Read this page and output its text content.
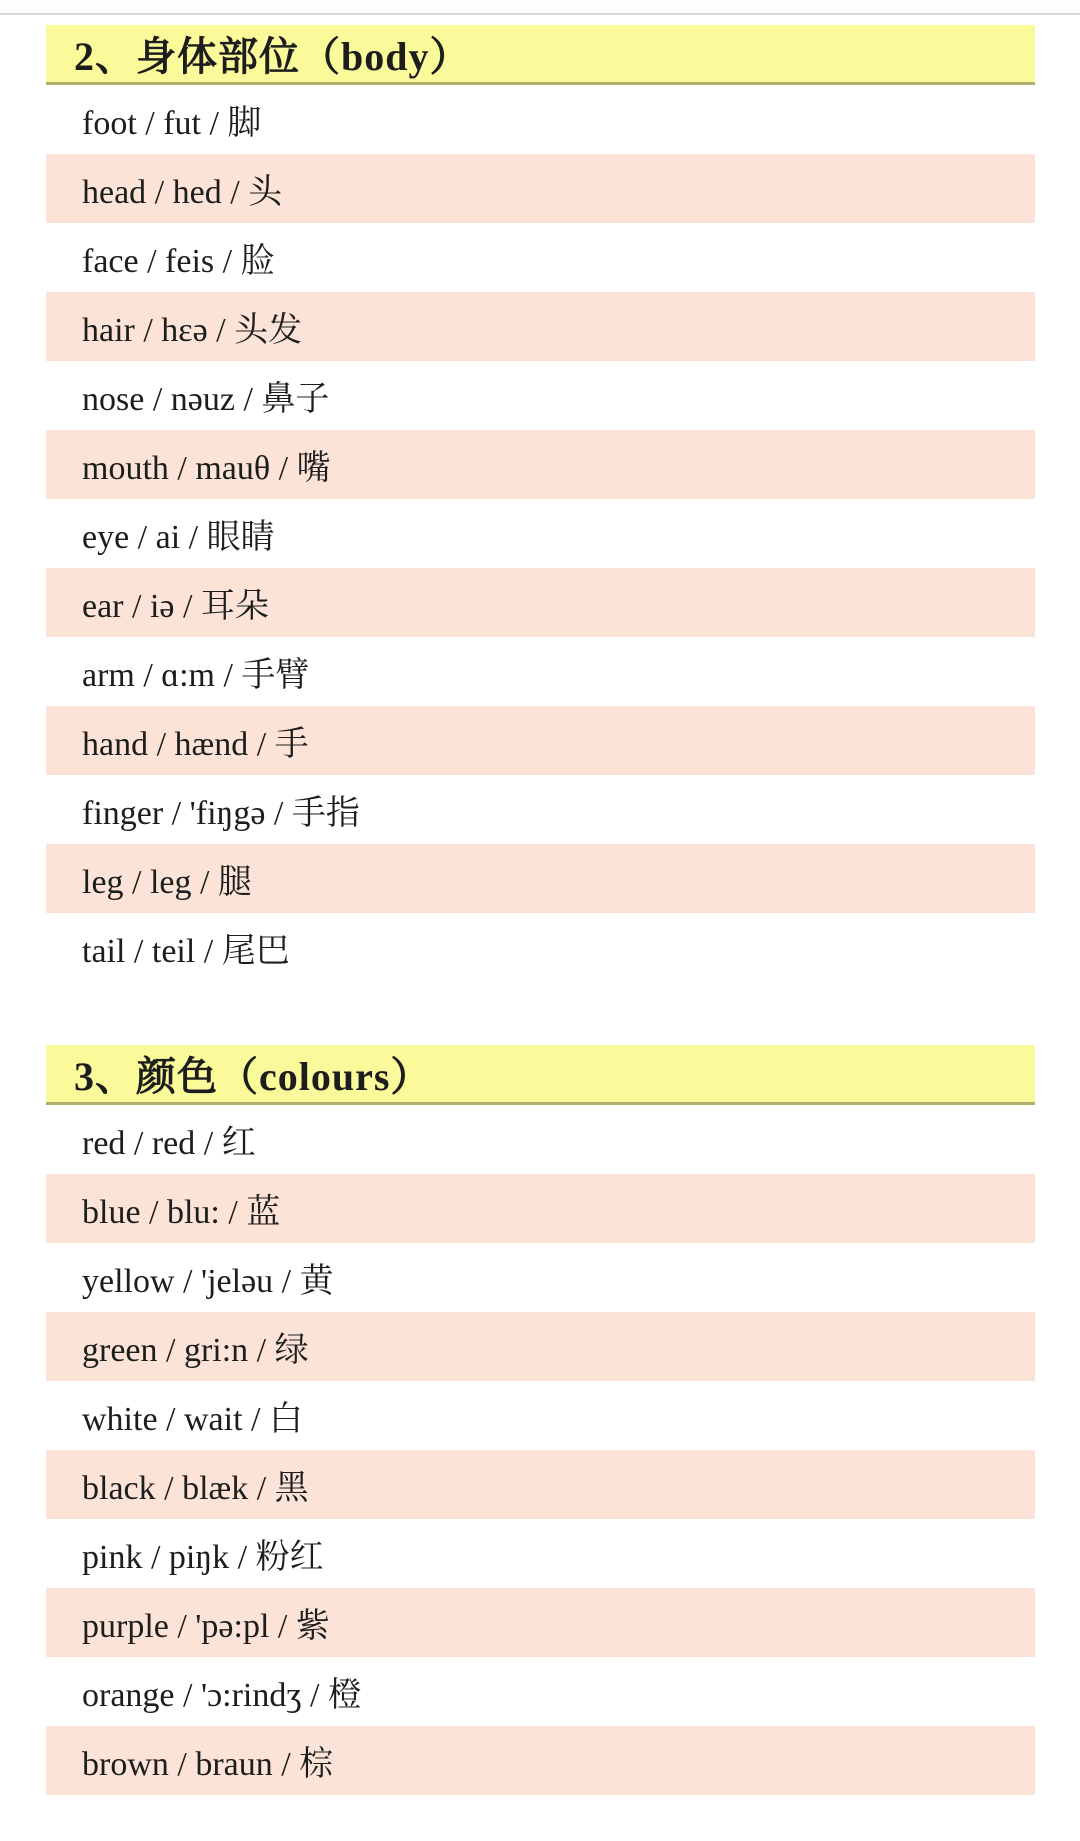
2、身体部位（body）
foot / fut / 脚
head / hed / 头
face / feis / 脸
hair / hɛə / 头发
nose / nəuz / 鼻子
mouth / mauθ / 嘴
eye / ai / 眼睛
ear / iə / 耳朵
arm / ɑ:m / 手臂
hand / hænd / 手
finger / 'fiŋgə / 手指
leg / leg / 腿
tail / teil / 尾巴
3、颜色（colours）
red / red / 红
blue / blu: / 蓝
yellow / 'jeləu / 黄
green / gri:n / 绿
white / wait / 白
black / blæk / 黑
pink / piŋk / 粉红
purple / 'pə:pl / 紫
orange / 'ɔ:rindʒ / 橙
brown / braun / 棕
